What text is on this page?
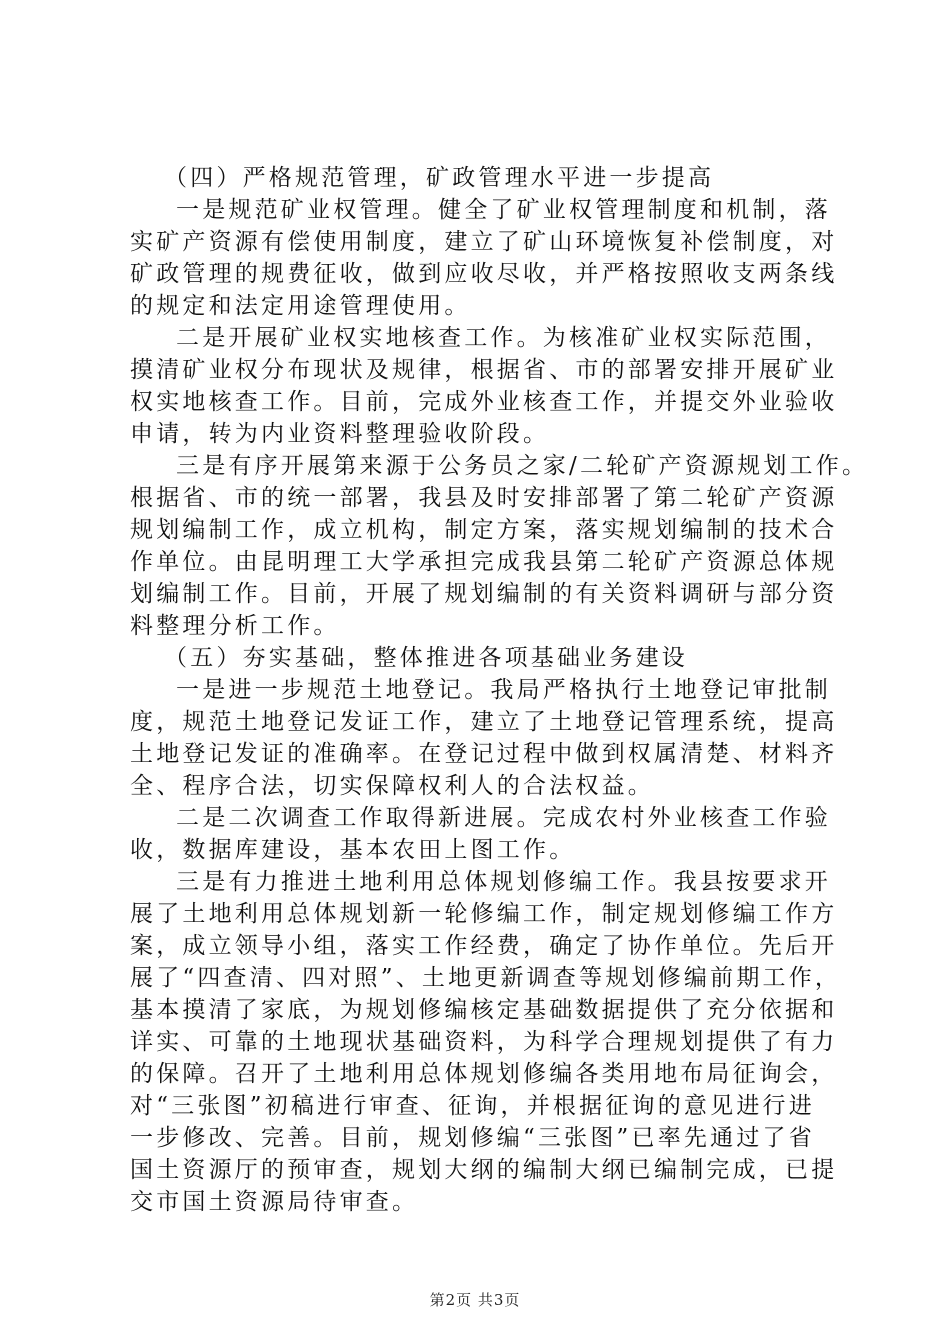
（四）严格规范管理，矿政管理水平进一步提高
一是规范矿业权管理。健全了矿业权管理制度和机制，落
实矿产资源有偿使用制度，建立了矿山环境恢复补偿制度，对
矿政管理的规费征收，做到应收尽收，并严格按照收支两条线
的规定和法定用途管理使用。
二是开展矿业权实地核查工作。为核准矿业权实际范围，
摸清矿业权分布现状及规律，根据省、市的部署安排开展矿业
权实地核查工作。目前，完成外业核查工作，并提交外业验收
申请，转为内业资料整理验收阶段。
三是有序开展第来源于公务员之家/二轮矿产资源规划工作。
根据省、市的统一部署，我县及时安排部署了第二轮矿产资源
规划编制工作，成立机构，制定方案，落实规划编制的技术合
作单位。由昆明理工大学承担完成我县第二轮矿产资源总体规
划编制工作。目前，开展了规划编制的有关资料调研与部分资
料整理分析工作。
（五）夯实基础，整体推进各项基础业务建设
一是进一步规范土地登记。我局严格执行土地登记审批制
度，规范土地登记发证工作，建立了土地登记管理系统，提高
土地登记发证的准确率。在登记过程中做到权属清楚、材料齐
全、程序合法，切实保障权利人的合法权益。
二是二次调查工作取得新进展。完成农村外业核查工作验
收，数据库建设，基本农田上图工作。
三是有力推进土地利用总体规划修编工作。我县按要求开
展了土地利用总体规划新一轮修编工作，制定规划修编工作方
案，成立领导小组，落实工作经费，确定了协作单位。先后开
展了“四查清、四对照”、土地更新调查等规划修编前期工作，
基本摸清了家底，为规划修编核定基础数据提供了充分依据和
详实、可靠的土地现状基础资料，为科学合理规划提供了有力
的保障。召开了土地利用总体规划修编各类用地布局征询会，
对“三张图”初稿进行审查、征询，并根据征询的意见进行进
一步修改、完善。目前，规划修编“三张图”已率先通过了省
国土资源厅的预审查，规划大纲的编制大纲已编制完成，已提
交市国土资源局待审查。
第2页 共3页
